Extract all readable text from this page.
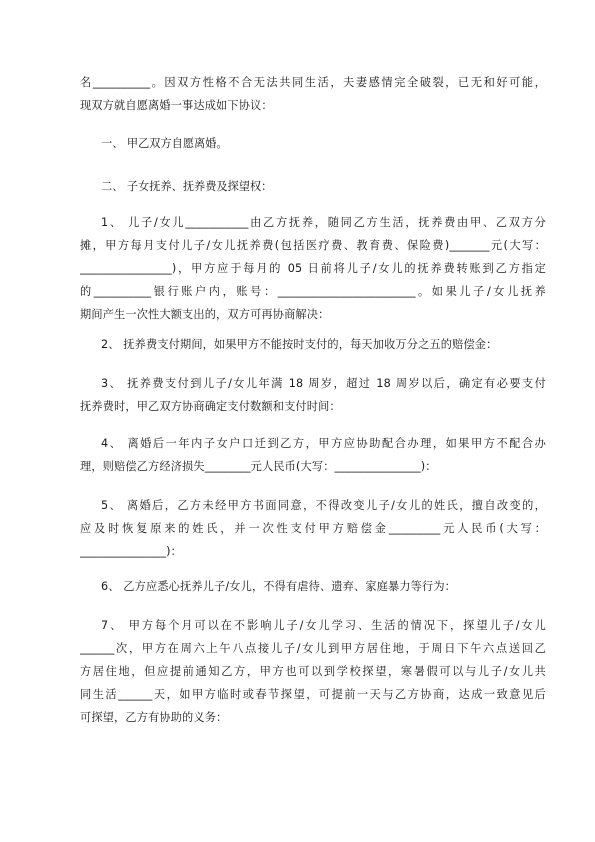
名__________。因双方性格不合无法共同生活，夫妻感情完全破裂，已无和好可能，
现双方就自愿离婚一事达成如下协议：
一、 甲乙双方自愿离婚。
二、 子女抚养、抚养费及探望权：
1、 儿子/女儿___________由乙方抚养，随同乙方生活，抚养费由甲、乙双方分
摊，甲方每月支付儿子/女儿抚养费(包括医疗费、教育费、保险费)_______元(大写：
________________)，甲方应于每月的 05 日前将儿子/女儿的抚养费转账到乙方指定
的__________银行账户内，账号：________________________。如果儿子/女儿抚养
期间产生一次性大额支出的，双方可再协商解决：
2、 抚养费支付期间，如果甲方不能按时支付的，每天加收万分之五的赔偿金：
3、 抚养费支付到儿子/女儿年满 18 周岁，超过 18 周岁以后，确定有必要支付
抚养费时，甲乙双方协商确定支付数额和支付时间：
4、 离婚后一年内子女户口迁到乙方，甲方应协助配合办理，如果甲方不配合办
理，则赔偿乙方经济损失________元人民币(大写：_______________)：
5、 离婚后，乙方未经甲方书面同意，不得改变儿子/女儿的姓氏，擅自改变的，
应及时恢复原来的姓氏，并一次性支付甲方赔偿金_________元人民币(大写：
_______________)：
6、 乙方应悉心抚养儿子/女儿，不得有虐待、遗弃、家庭暴力等行为：
7、 甲方每个月可以在不影响儿子/女儿学习、生活的情况下，探望儿子/女儿
______次，甲方在周六上午八点接儿子/女儿到甲方居住地，于周日下午六点送回乙
方居住地，但应提前通知乙方，甲方也可以到学校探望，寒暑假可以与儿子/女儿共
同生活______天，如甲方临时或春节探望，可提前一天与乙方协商，达成一致意见后
可探望，乙方有协助的义务：
